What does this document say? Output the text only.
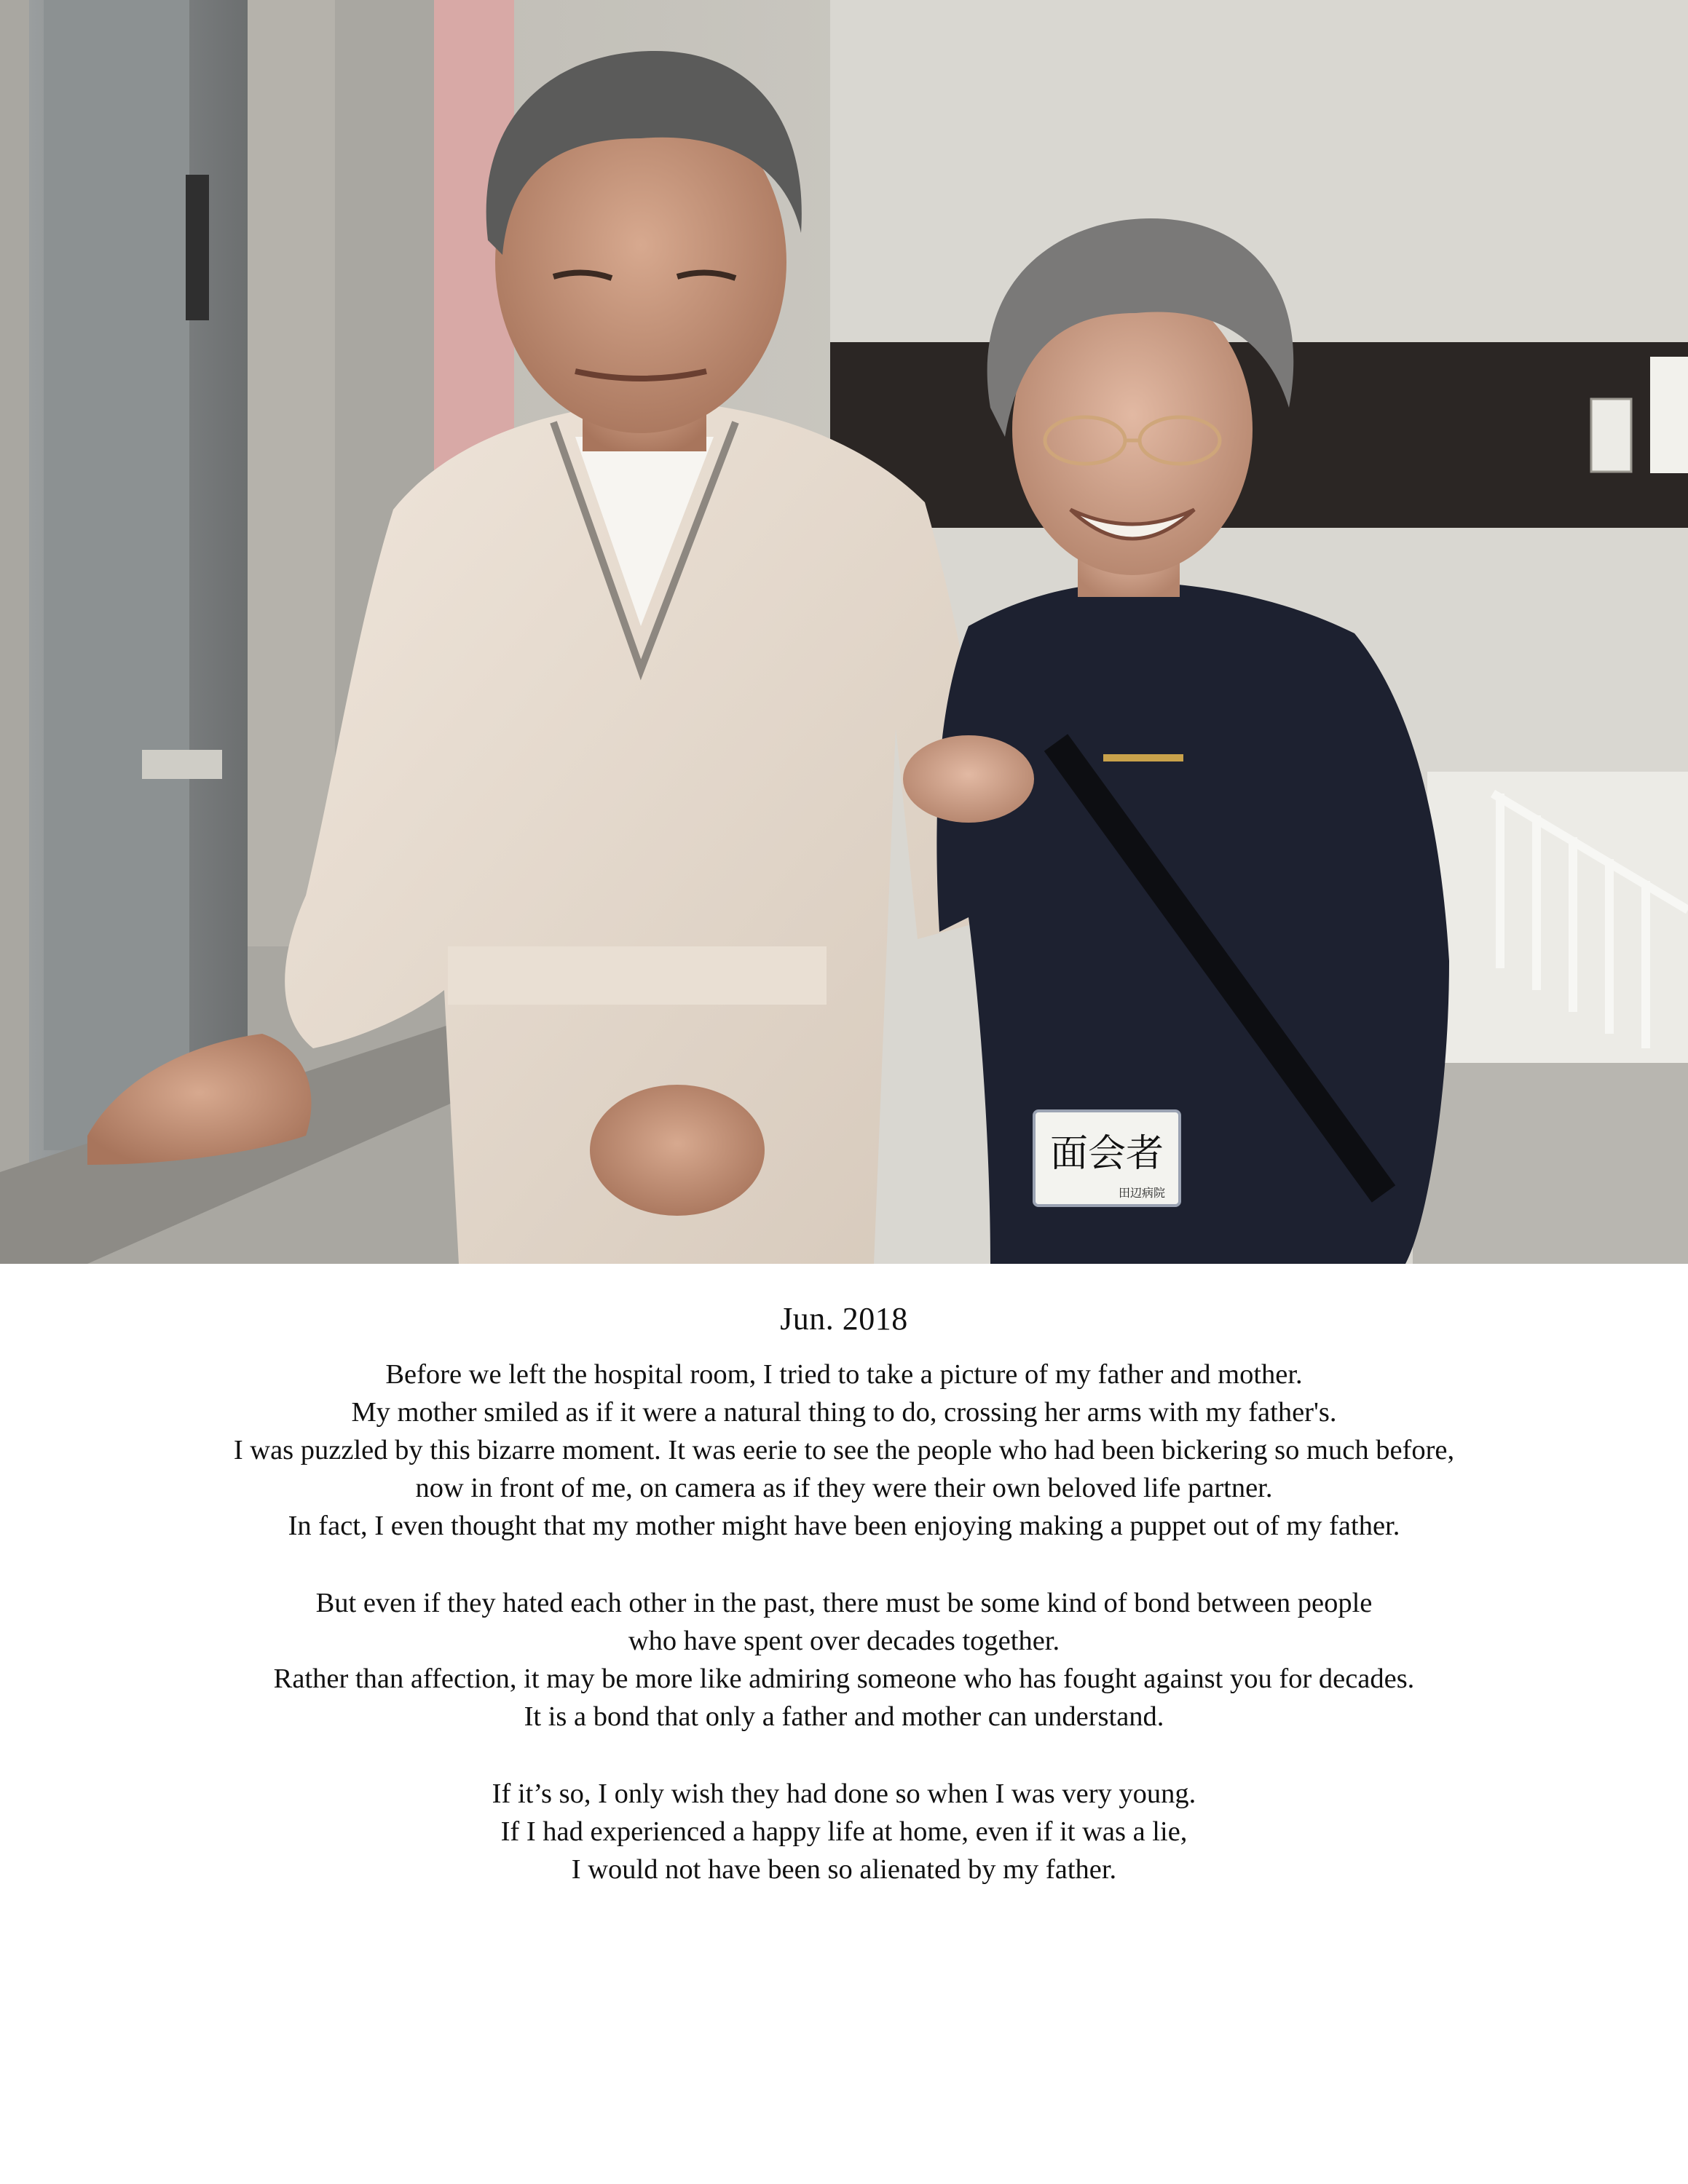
面会者
田辺病院
Jun. 2018

Before we left the hospital room, I tried to take a picture of my father and mother.
My mother smiled as if it were a natural thing to do, crossing her arms with my father's.
I was puzzled by this bizarre moment. It was eerie to see the people who had been bickering so much before,
now in front of me, on camera as if they were their own beloved life partner.
In fact, I even thought that my mother might have been enjoying making a puppet out of my father.

But even if they hated each other in the past, there must be some kind of bond between people
who have spent over decades together.
Rather than affection, it may be more like admiring someone who has fought against you for decades.
It is a bond that only a father and mother can understand.

If it’s so, I only wish they had done so when I was very young.
If I had experienced a happy life at home, even if it was a lie,
I would not have been so alienated by my father.
